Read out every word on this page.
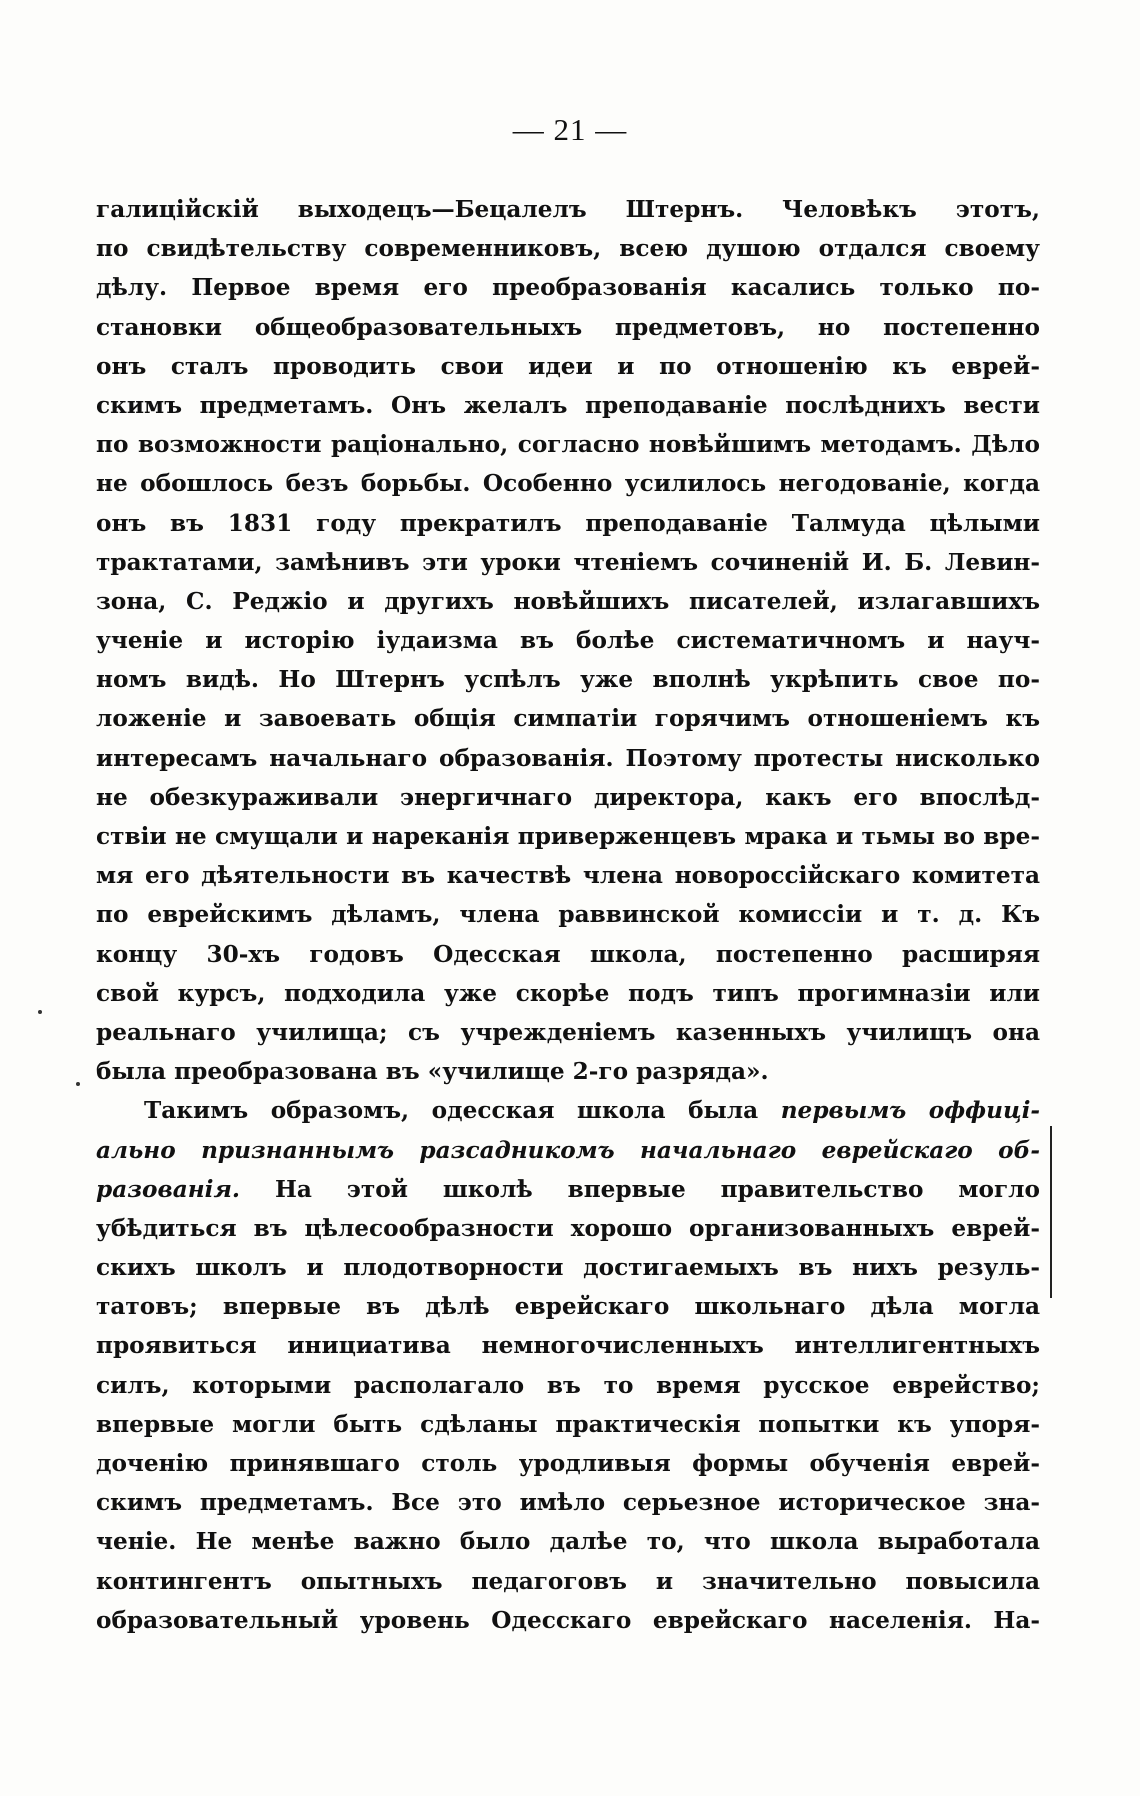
— 21 —
галицiйскiй выходецъ—Бецалелъ Штернъ. Человѣкъ этотъ,
по свидѣтельству современниковъ, всею душою отдался своему
дѣлу. Первое время его преобразованiя касались только по-
становки общеобразовательныхъ предметовъ, но постепенно
онъ сталъ проводить свои идеи и по отношенiю къ еврей-
скимъ предметамъ. Онъ желалъ преподаванiе послѣднихъ вести
по возможности рацiонально, согласно новѣйшимъ методамъ. Дѣло
не обошлось безъ борьбы. Особенно усилилось негодованiе, когда
онъ въ 1831 году прекратилъ преподаванiе Талмуда цѣлыми
трактатами, замѣнивъ эти уроки чтенiемъ сочиненiй И. Б. Левин-
зона, С. Реджiо и другихъ новѣйшихъ писателей, излагавшихъ
ученiе и исторiю iудаизма въ болѣе систематичномъ и науч-
номъ видѣ. Но Штернъ успѣлъ уже вполнѣ укрѣпить свое по-
ложенiе и завоевать общiя симпатiи горячимъ отношенiемъ къ
интересамъ начальнаго образованiя. Поэтому протесты нисколько
не обезкураживали энергичнаго директора, какъ его впослѣд-
ствiи не смущали и нареканiя приверженцевъ мрака и тьмы во вре-
мя его дѣятельности въ качествѣ члена новороссiйскаго комитета
по еврейскимъ дѣламъ, члена раввинской комиссiи и т. д. Къ
концу 30-хъ годовъ Одесская школа, постепенно расширяя
свой курсъ, подходила уже скорѣе подъ типъ прогимназiи или
реальнаго училища; съ учрежденiемъ казенныхъ училищъ она
была преобразована въ «училище 2-го разряда».
Такимъ образомъ, одесская школа была первымъ оффицi-
ально признаннымъ разсадникомъ начальнаго еврейскаго об-
разованiя. На этой школѣ впервые правительство могло
убѣдиться въ цѣлесообразности хорошо организованныхъ еврей-
скихъ школъ и плодотворности достигаемыхъ въ нихъ резуль-
татовъ; впервые въ дѣлѣ еврейскаго школьнаго дѣла могла
проявиться инициатива немногочисленныхъ интеллигентныхъ
силъ, которыми располагало въ то время русское еврейство;
впервые могли быть сдѣланы практическiя попытки къ упоря-
доченiю принявшаго столь уродливыя формы обученiя еврей-
скимъ предметамъ. Все это имѣло серьезное историческое зна-
ченiе. Не менѣе важно было далѣе то, что школа выработала
контингентъ опытныхъ педагоговъ и значительно повысила
образовательный уровень Одесскаго еврейскаго населенiя. На-
